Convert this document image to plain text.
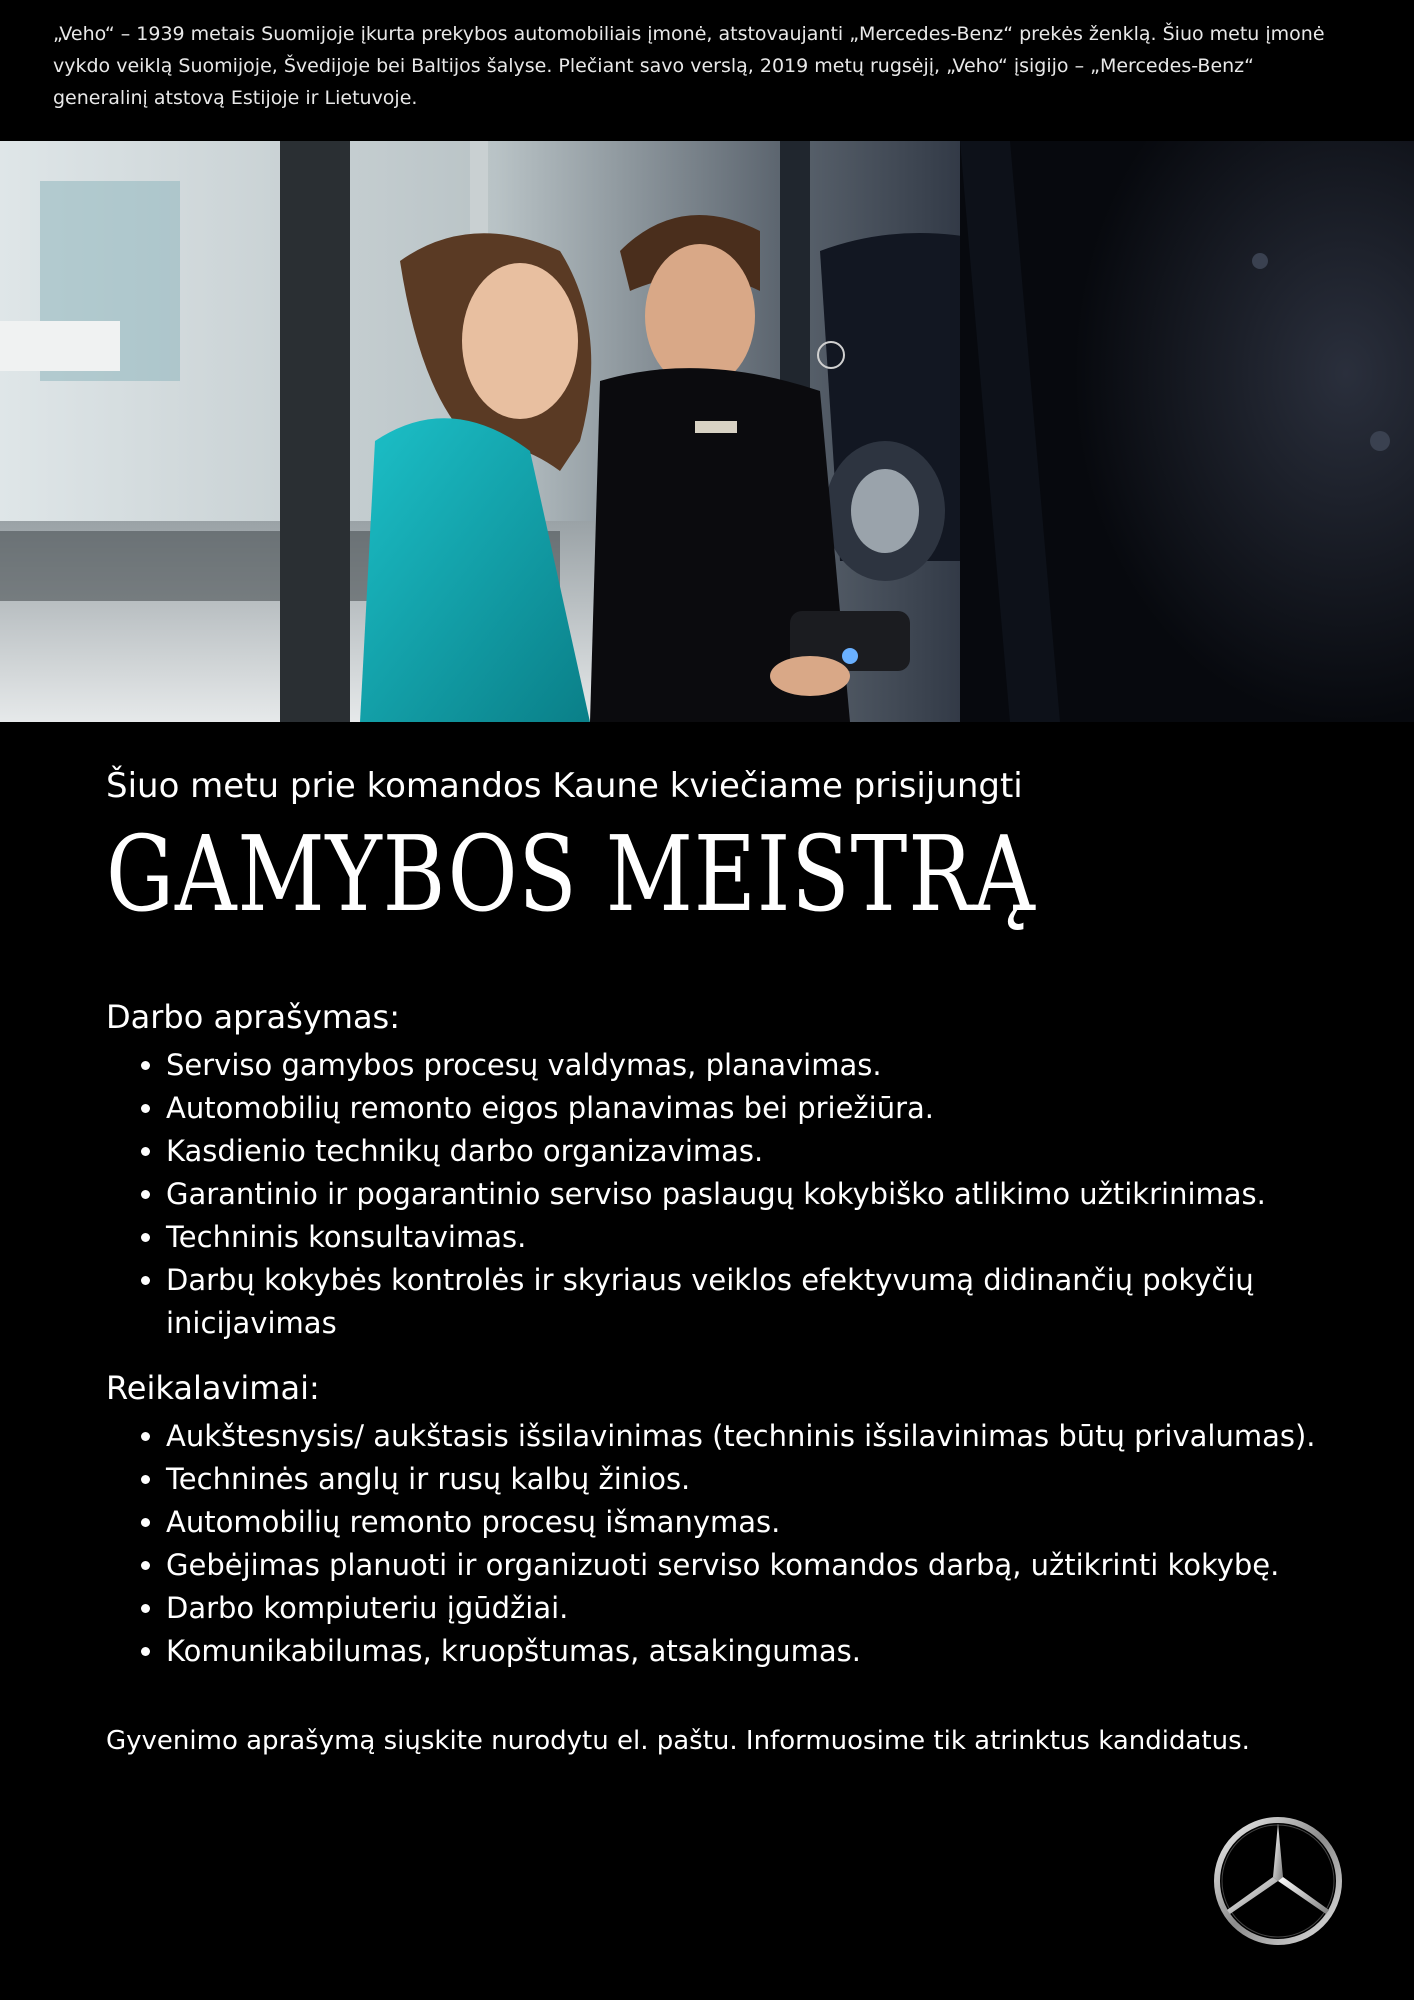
„Veho“ – 1939 metais Suomijoje įkurta prekybos automobiliais įmonė, atstovaujanti „Mercedes-Benz“ prekės ženklą. Šiuo metu įmonė vykdo veiklą Suomijoje, Švedijoje bei Baltijos šalyse. Plečiant savo verslą, 2019 metų rugsėjį, „Veho“ įsigijo – „Mercedes-Benz“ generalinį atstovą Estijoje ir Lietuvoje.

Šiuo metu prie komandos Kaune kviečiame prisijungti

GAMYBOS MEISTRĄ
Darbo aprašymas:
• Serviso gamybos procesų valdymas, planavimas.
• Automobilių remonto eigos planavimas bei priežiūra.
• Kasdienio technikų darbo organizavimas.
• Garantinio ir pogarantinio serviso paslaugų kokybiško atlikimo užtikrinimas.
• Techninis konsultavimas.
• Darbų kokybės kontrolės ir skyriaus veiklos efektyvumą didinančių pokyčių inicijavimas
Reikalavimai:
• Aukštesnysis/ aukštasis išsilavinimas (techninis išsilavinimas būtų privalumas).
• Techninės anglų ir rusų kalbų žinios.
• Automobilių remonto procesų išmanymas.
• Gebėjimas planuoti ir organizuoti serviso komandos darbą, užtikrinti kokybę.
• Darbo kompiuteriu įgūdžiai.
• Komunikabilumas, kruopštumas, atsakingumas.

Gyvenimo aprašymą siųskite nurodytu el. paštu. Informuosime tik atrinktus kandidatus.
